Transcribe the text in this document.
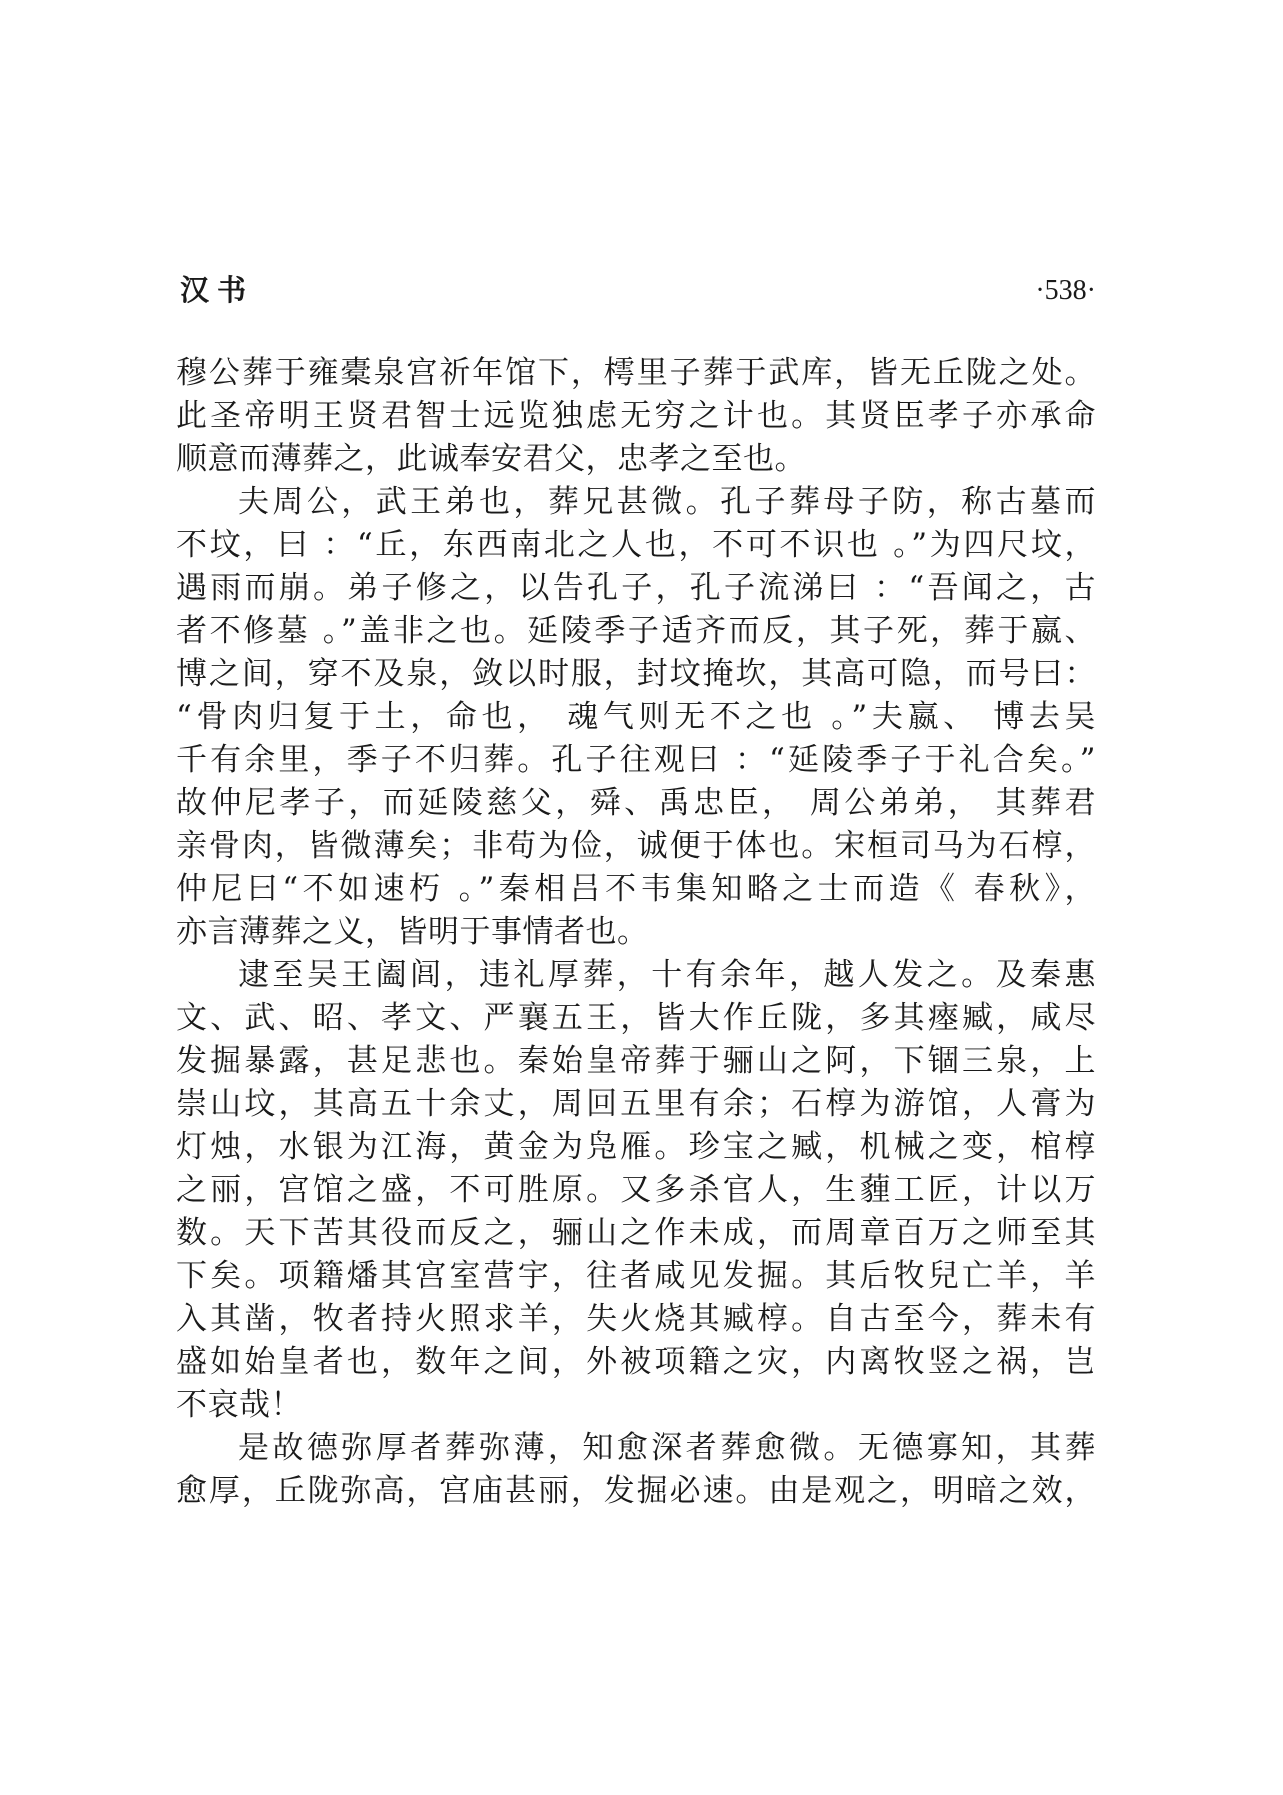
汉书	·538·
穆公葬于雍橐泉宫祈年馆下，樗里子葬于武库，皆无丘陇之处。
此圣帝明王贤君智士远览独虑无穷之计也。其贤臣孝子亦承命
顺意而薄葬之，此诚奉安君父，忠孝之至也。
夫周公，武王弟也，葬兄甚微。孔子葬母子防，称古墓而
不坟，曰 ：“丘，东西南北之人也，不可不识也 。”为四尺坟，
遇雨而崩。弟子修之，以告孔子，孔子流涕曰 ：“吾闻之，古
者不修墓 。”盖非之也。延陵季子适齐而反，其子死，葬于嬴、
博之间，穿不及泉，敛以时服，封坟掩坎，其高可隐，而号曰：
“骨肉归复于土，命也， 魂气则无不之也 。”夫嬴、 博去吴
千有余里，季子不归葬。孔子往观曰 ：“延陵季子于礼合矣。”
故仲尼孝子，而延陵慈父，舜、禹忠臣， 周公弟弟， 其葬君
亲骨肉，皆微薄矣；非苟为俭，诚便于体也。宋桓司马为石椁，
仲尼曰“不如速朽 。”秦相吕不韦集知略之士而造《 春秋》，
亦言薄葬之义，皆明于事情者也。
逮至吴王阖闾，违礼厚葬，十有余年，越人发之。及秦惠
文、武、昭、孝文、严襄五王，皆大作丘陇，多其瘞臧，咸尽
发掘暴露，甚足悲也。秦始皇帝葬于骊山之阿，下锢三泉，上
崇山坟，其高五十余丈，周回五里有余；石椁为游馆，人膏为
灯烛，水银为江海，黄金为凫雁。珍宝之臧，机械之变，棺椁
之丽，宫馆之盛，不可胜原。又多杀官人，生薶工匠，计以万
数。天下苦其役而反之，骊山之作未成，而周章百万之师至其
下矣。项籍燔其宫室营宇，往者咸见发掘。其后牧兒亡羊，羊
入其凿，牧者持火照求羊，失火烧其臧椁。自古至今，葬未有
盛如始皇者也，数年之间，外被项籍之灾，内离牧竖之祸，岂
不哀哉！
是故德弥厚者葬弥薄，知愈深者葬愈微。无德寡知，其葬
愈厚，丘陇弥高，宫庙甚丽，发掘必速。由是观之，明暗之效，
